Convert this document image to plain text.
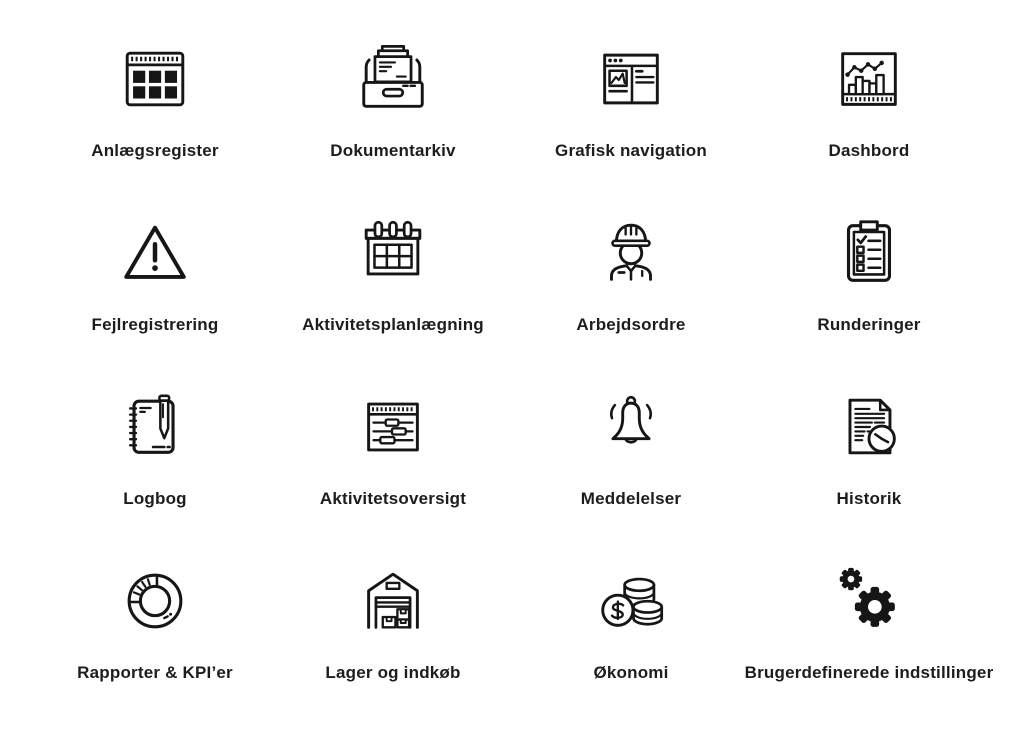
Anlægsregister	Dokumentarkiv	Grafisk navigation	Dashbord
Fejlregistrering	Aktivitetsplanlægning	Arbejdsordre	Runderinger
Logbog	Aktivitetsoversigt	Meddelelser	Historik
Rapporter & KPI’er	Lager og indkøb	Økonomi	Brugerdefinerede indstillinger
